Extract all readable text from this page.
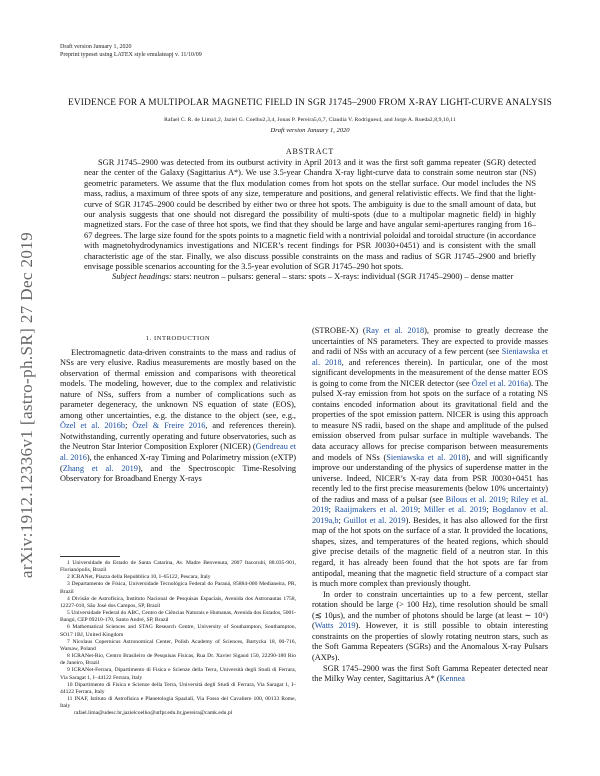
arXiv:1912.12336v1 [astro-ph.SR] 27 Dec 2019
Draft version January 1, 2020
Preprint typeset using LATEX style emulateapj v. 11/10/09
EVIDENCE FOR A MULTIPOLAR MAGNETIC FIELD IN SGR J1745–2900 FROM X-RAY LIGHT-CURVE ANALYSIS
Rafael C. R. de Lima1,2, Jaziel G. Coelho2,3,4, Jonas P. Pereira5,6,7, Claudia V. Rodrigues4, and Jorge A. Rueda2,8,9,10,11
Draft version January 1, 2020
ABSTRACT

SGR J1745–2900 was detected from its outburst activity in April 2013 and it was the first soft gamma repeater (SGR) detected near the center of the Galaxy (Sagittarius A*). We use 3.5-year Chandra X-ray light-curve data to constrain some neutron star (NS) geometric parameters. We assume that the flux modulation comes from hot spots on the stellar surface. Our model includes the NS mass, radius, a maximum of three spots of any size, temperature and positions, and general relativistic effects. We find that the light-curve of SGR J1745–2900 could be described by either two or three hot spots. The ambiguity is due to the small amount of data, but our analysis suggests that one should not disregard the possibility of multi-spots (due to a multipolar magnetic field) in highly magnetized stars. For the case of three hot spots, we find that they should be large and have angular semi-apertures ranging from 16–67 degrees. The large size found for the spots points to a magnetic field with a nontrivial poloidal and toroidal structure (in accordance with magnetohydrodynamics investigations and NICER’s recent findings for PSR J0030+0451) and is consistent with the small characteristic age of the star. Finally, we also discuss possible constraints on the mass and radius of SGR J1745–2900 and briefly envisage possible scenarios accounting for the 3.5-year evolution of SGR J1745–290 hot spots.

Subject headings: stars: neutron – pulsars: general – stars: spots – X-rays: individual (SGR J1745–2900) – dense matter

1. INTRODUCTION

Electromagnetic data-driven constraints to the mass and radius of NSs are very elusive. Radius measurements are mostly based on the observation of thermal emission and comparisons with theoretical models. The modeling, however, due to the complex and relativistic nature of NSs, suffers from a number of complications such as parameter degeneracy, the unknown NS equation of state (EOS), among other uncertainties, e.g. the distance to the object (see, e.g., Özel et al. 2016b; Özel & Freire 2016, and references therein). Notwithstanding, currently operating and future observatories, such as the Neutron Star Interior Composition Explorer (NICER) (Gendreau et al. 2016), the enhanced X-ray Timing and Polarimetry mission (eXTP) (Zhang et al. 2019), and the Spectroscopic Time-Resolving Observatory for Broadband Energy X-rays

1 Universidade do Estado de Santa Catarina, Av. Madre Benvenuta, 2007 Itacorubi, 88.035-901, Florianópolis, Brazil
2 ICRANet, Piazza della Repubblica 10, I–65122, Pescara, Italy
3 Departamento de Física, Universidade Tecnológica Federal do Paraná, 85884-000 Medianeira, PR, Brazil
4 Divisão de Astrofísica, Instituto Nacional de Pesquisas Espaciais, Avenida dos Astronautas 1758, 12227-010, São José dos Campos, SP, Brazil
5 Universidade Federal do ABC, Centro de Ciências Naturais e Humanas, Avenida dos Estados, 5001- Bangú, CEP 09210-170, Santo André, SP, Brazil
6 Mathematical Sciences and STAG Research Centre, University of Southampton, Southampton, SO17 1BJ, United Kingdom
7 Nicolaus Copernicus Astronomical Center, Polish Academy of Sciences, Bartycka 18, 00-716, Warsaw, Poland
8 ICRANet-Rio, Centro Brasileiro de Pesquisas Físicas, Rua Dr. Xavier Sigaud 150, 22290-180 Rio de Janeiro, Brazil
9 ICRANet-Ferrara, Dipartimento di Fisica e Scienze della Terra, Università degli Studi di Ferrara, Via Saragat 1, I–44122 Ferrara, Italy
10 Dipartimento di Fisica e Scienze della Terra, Università degli Studi di Ferrara, Via Saragat 1, I–44122 Ferrara, Italy
11 INAF, Istituto di Astrofisica e Planetologia Spaziali, Via Fosso del Cavaliere 100, 00133 Rome, Italy
rafael.lima@udesc.br,jazielcoelho@utfpr.edu.br,jpereira@camk.edu.pl

(STROBE-X) (Ray et al. 2018), promise to greatly decrease the uncertainties of NS parameters. They are expected to provide masses and radii of NSs with an accuracy of a few percent (see Sieniawska et al. 2018, and references therein). In particular, one of the most significant developments in the measurement of the dense matter EOS is going to come from the NICER detector (see Özel et al. 2016a). The pulsed X-ray emission from hot spots on the surface of a rotating NS contains encoded information about its gravitational field and the properties of the spot emission pattern. NICER is using this approach to measure NS radii, based on the shape and amplitude of the pulsed emission observed from pulsar surface in multiple wavebands. The data accuracy allows for precise comparison between measurements and models of NSs (Sieniawska et al. 2018), and will significantly improve our understanding of the physics of superdense matter in the universe. Indeed, NICER’s X-ray data from PSR J0030+0451 has recently led to the first precise measurements (below 10% uncertainty) of the radius and mass of a pulsar (see Bilous et al. 2019; Riley et al. 2019; Raaijmakers et al. 2019; Miller et al. 2019; Bogdanov et al. 2019a,b; Guillot et al. 2019). Besides, it has also allowed for the first map of the hot spots on the surface of a star. It provided the locations, shapes, sizes, and temperatures of the heated regions, which should give precise details of the magnetic field of a neutron star. In this regard, it has already been found that the hot spots are far from antipodal, meaning that the magnetic field structure of a compact star is much more complex than previously thought.

In order to constrain uncertainties up to a few percent, stellar rotation should be large (> 100 Hz), time resolution should be small (≲ 10μs), and the number of photons should be large (at least ∼ 10⁶) (Watts 2019). However, it is still possible to obtain interesting constraints on the properties of slowly rotating neutron stars, such as the Soft Gamma Repeaters (SGRs) and the Anomalous X-ray Pulsars (AXPs).

SGR 1745–2900 was the first Soft Gamma Repeater detected near the Milky Way center, Sagittarius A* (Kennea
